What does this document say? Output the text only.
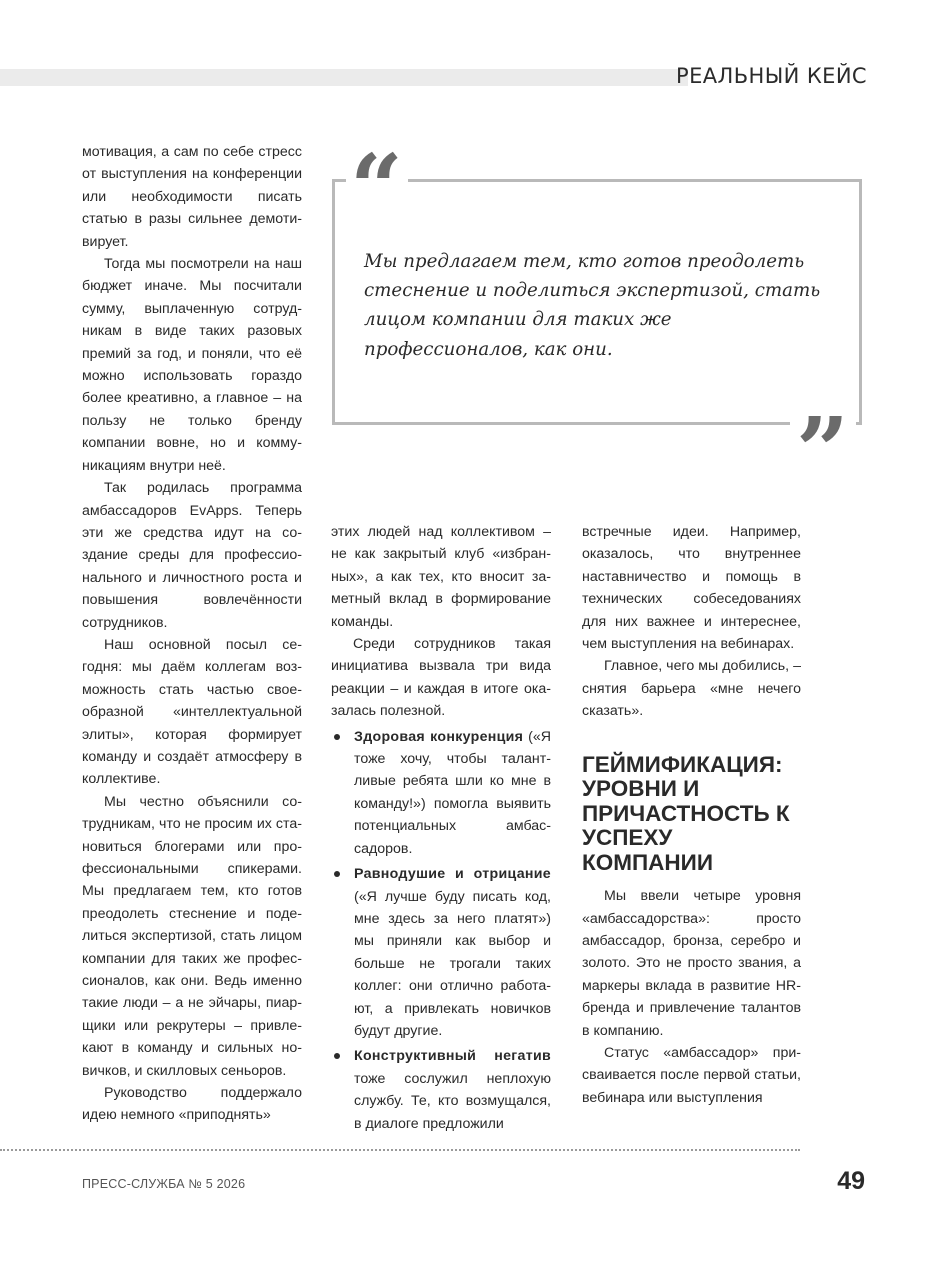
РЕАЛЬНЫЙ КЕЙС

мотивация, а сам по себе стресс от выступления на конференции или необходимости писать статью в разы сильнее демотивирует.

Тогда мы посмотрели на наш бюджет иначе. Мы посчитали сумму, выплаченную сотрудникам в виде таких разовых премий за год, и поняли, что её можно использовать гораздо более креативно, а главное – на пользу не только бренду компании вовне, но и коммуникациям внутри неё.

Так родилась программа амбассадоров EvApps. Теперь эти же средства идут на создание среды для профессионального и личностного роста и повышения вовлечённости сотрудников.

Наш основной посыл сегодня: мы даём коллегам возможность стать частью своеобразной «интеллектуальной элиты», которая формирует команду и создаёт атмосферу в коллективе.

Мы честно объяснили сотрудникам, что не просим их становиться блогерами или профессиональными спикерами. Мы предлагаем тем, кто готов преодолеть стеснение и поделиться экспертизой, стать лицом компании для таких же профессионалов, как они. Ведь именно такие люди – а не эйчары, пиарщики или рекрутеры – привлекают в команду и сильных новичков, и скилловых сеньоров.

Руководство поддержало идею немного «приподнять»

“
”
Мы предлагаем тем, кто готов преодолеть стеснение и поделиться экспертизой, стать лицом компании для таких же профессионалов, как они.

этих людей над коллективом – не как закрытый клуб «избранных», а как тех, кто вносит заметный вклад в формирование команды.

Среди сотрудников такая инициатива вызвала три вида реакции – и каждая в итоге оказалась полезной.

Здоровая конкуренция («Я тоже хочу, чтобы талантливые ребята шли ко мне в команду!») помогла выявить потенциальных амбассадоров.
Равнодушие и отрицание («Я лучше буду писать код, мне здесь за него платят») мы приняли как выбор и больше не трогали таких коллег: они отлично работают, а привлекать новичков будут другие.
Конструктивный негатив тоже сослужил неплохую службу. Те, кто возмущался, в диалоге предложили

встречные идеи. Например, оказалось, что внутреннее наставничество и помощь в технических собеседованиях для них важнее и интереснее, чем выступления на вебинарах.

Главное, чего мы добились, – снятия барьера «мне нечего сказать».

ГЕЙМИФИКАЦИЯ: УРОВНИ И ПРИЧАСТНОСТЬ К УСПЕХУ КОМПАНИИ

Мы ввели четыре уровня «амбассадорства»: просто амбассадор, бронза, серебро и золото. Это не просто звания, а маркеры вклада в развитие HR-бренда и привлечение талантов в компанию.

Статус «амбассадор» присваивается после первой статьи, вебинара или выступления

ПРЕСС-СЛУЖБА № 5 2026	49
